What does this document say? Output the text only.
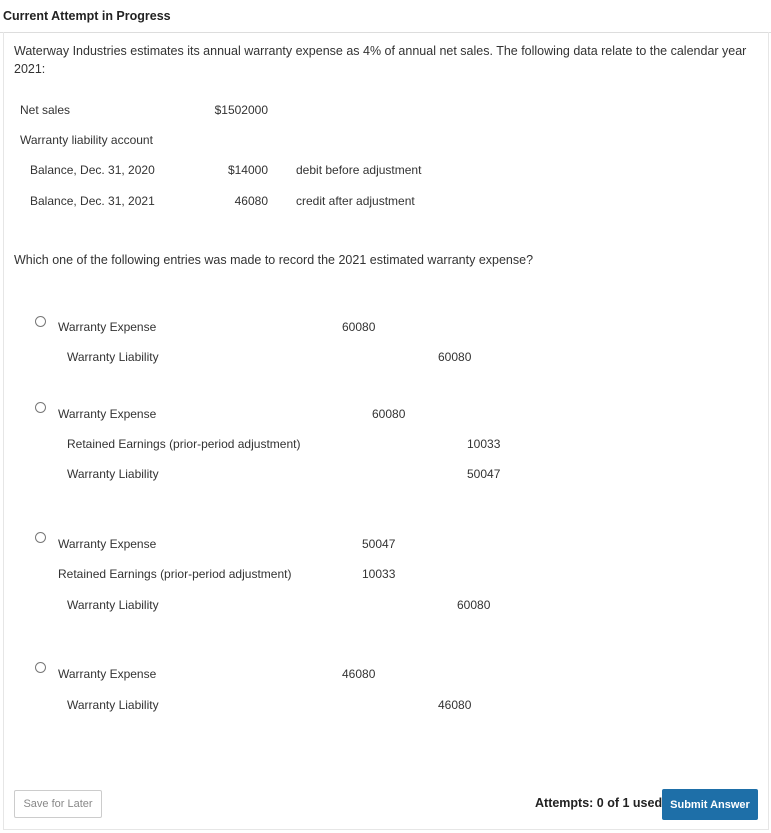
Current Attempt in Progress
Waterway Industries estimates its annual warranty expense as 4% of annual net sales. The following data relate to the calendar year 2021:
Net sales	$1502000
Warranty liability account
Balance, Dec. 31, 2020	$14000 debit before adjustment
Balance, Dec. 31, 2021	46080 credit after adjustment
Which one of the following entries was made to record the 2021 estimated warranty expense?
Warranty Expense	60080
Warranty Liability	60080
Warranty Expense	60080
Retained Earnings (prior-period adjustment)	10033
Warranty Liability	50047
Warranty Expense	50047
Retained Earnings (prior-period adjustment)	10033
Warranty Liability	60080
Warranty Expense	46080
Warranty Liability	46080
Save for Later	Attempts: 0 of 1 used Submit Answer
